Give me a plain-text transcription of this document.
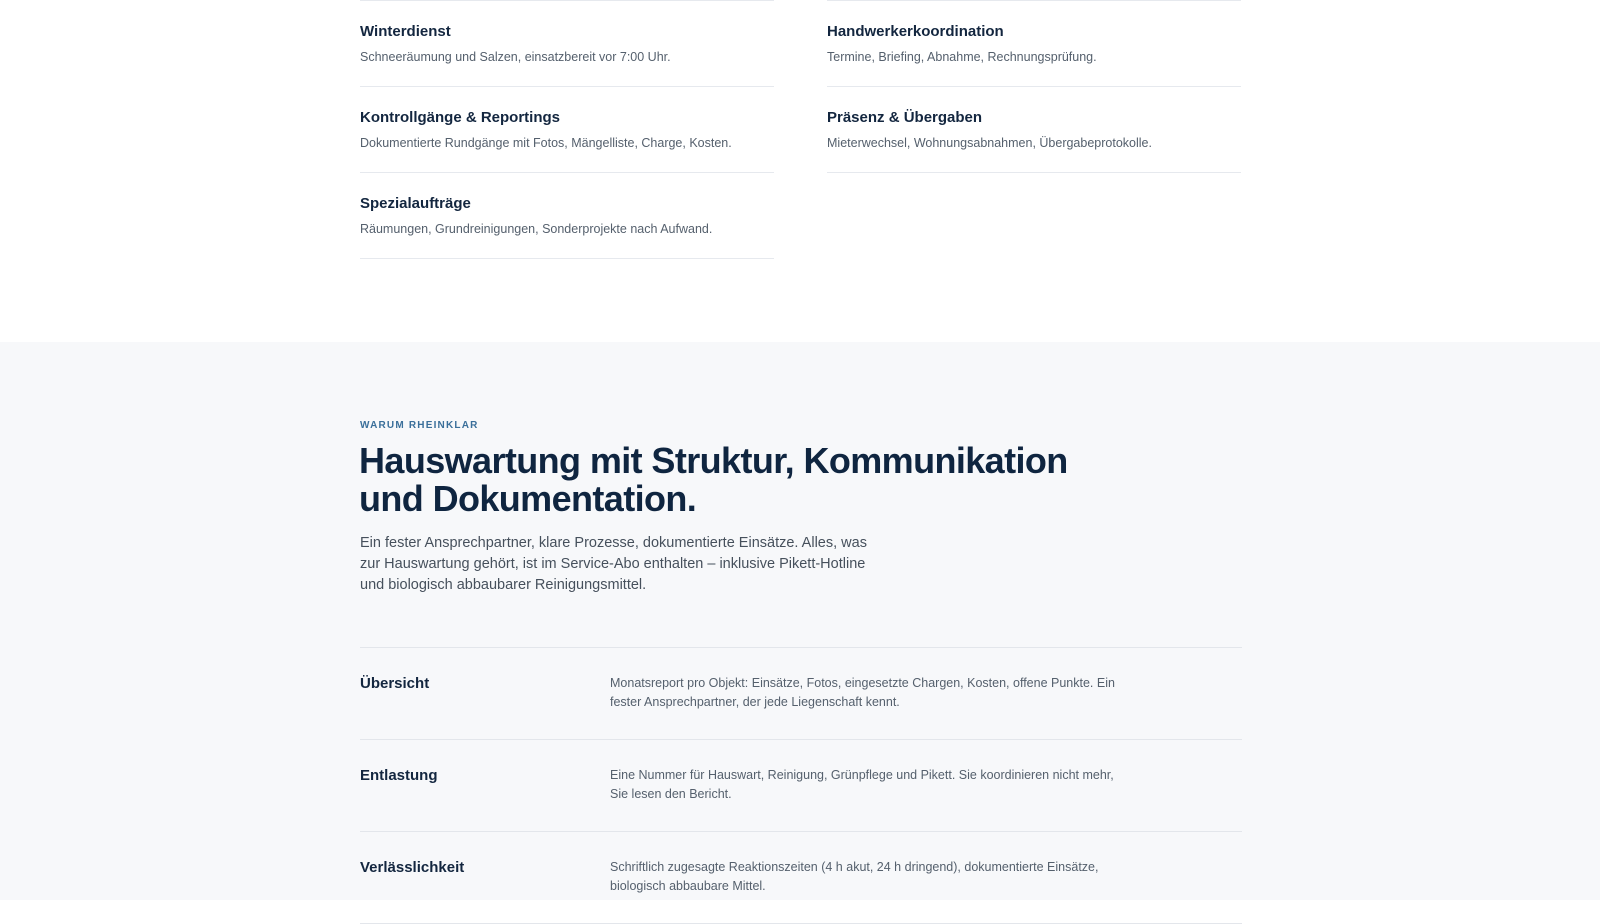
Winterdienst
Schneeräumung und Salzen, einsatzbereit vor 7:00 Uhr.
Kontrollgänge & Reportings
Dokumentierte Rundgänge mit Fotos, Mängelliste, Charge, Kosten.
Spezialaufträge
Räumungen, Grundreinigungen, Sonderprojekte nach Aufwand.
Handwerkerkoordination
Termine, Briefing, Abnahme, Rechnungsprüfung.
Präsenz & Übergaben
Mieterwechsel, Wohnungsabnahmen, Übergabeprotokolle.
WARUM RHEINKLAR
Hauswartung mit Struktur, Kommunikation und Dokumentation.

Ein fester Ansprechpartner, klare Prozesse, dokumentierte Einsätze. Alles, was zur Hauswartung gehört, ist im Service-Abo enthalten – inklusive Pikett-Hotline und biologisch abbaubarer Reinigungsmittel.

Übersicht	Monatsreport pro Objekt: Einsätze, Fotos, eingesetzte Chargen, Kosten, offene Punkte. Ein fester Ansprechpartner, der jede Liegenschaft kennt.
Entlastung	Eine Nummer für Hauswart, Reinigung, Grünpflege und Pikett. Sie koordinieren nicht mehr, Sie lesen den Bericht.
Verlässlichkeit	Schriftlich zugesagte Reaktionszeiten (4 h akut, 24 h dringend), dokumentierte Einsätze, biologisch abbaubare Mittel.
